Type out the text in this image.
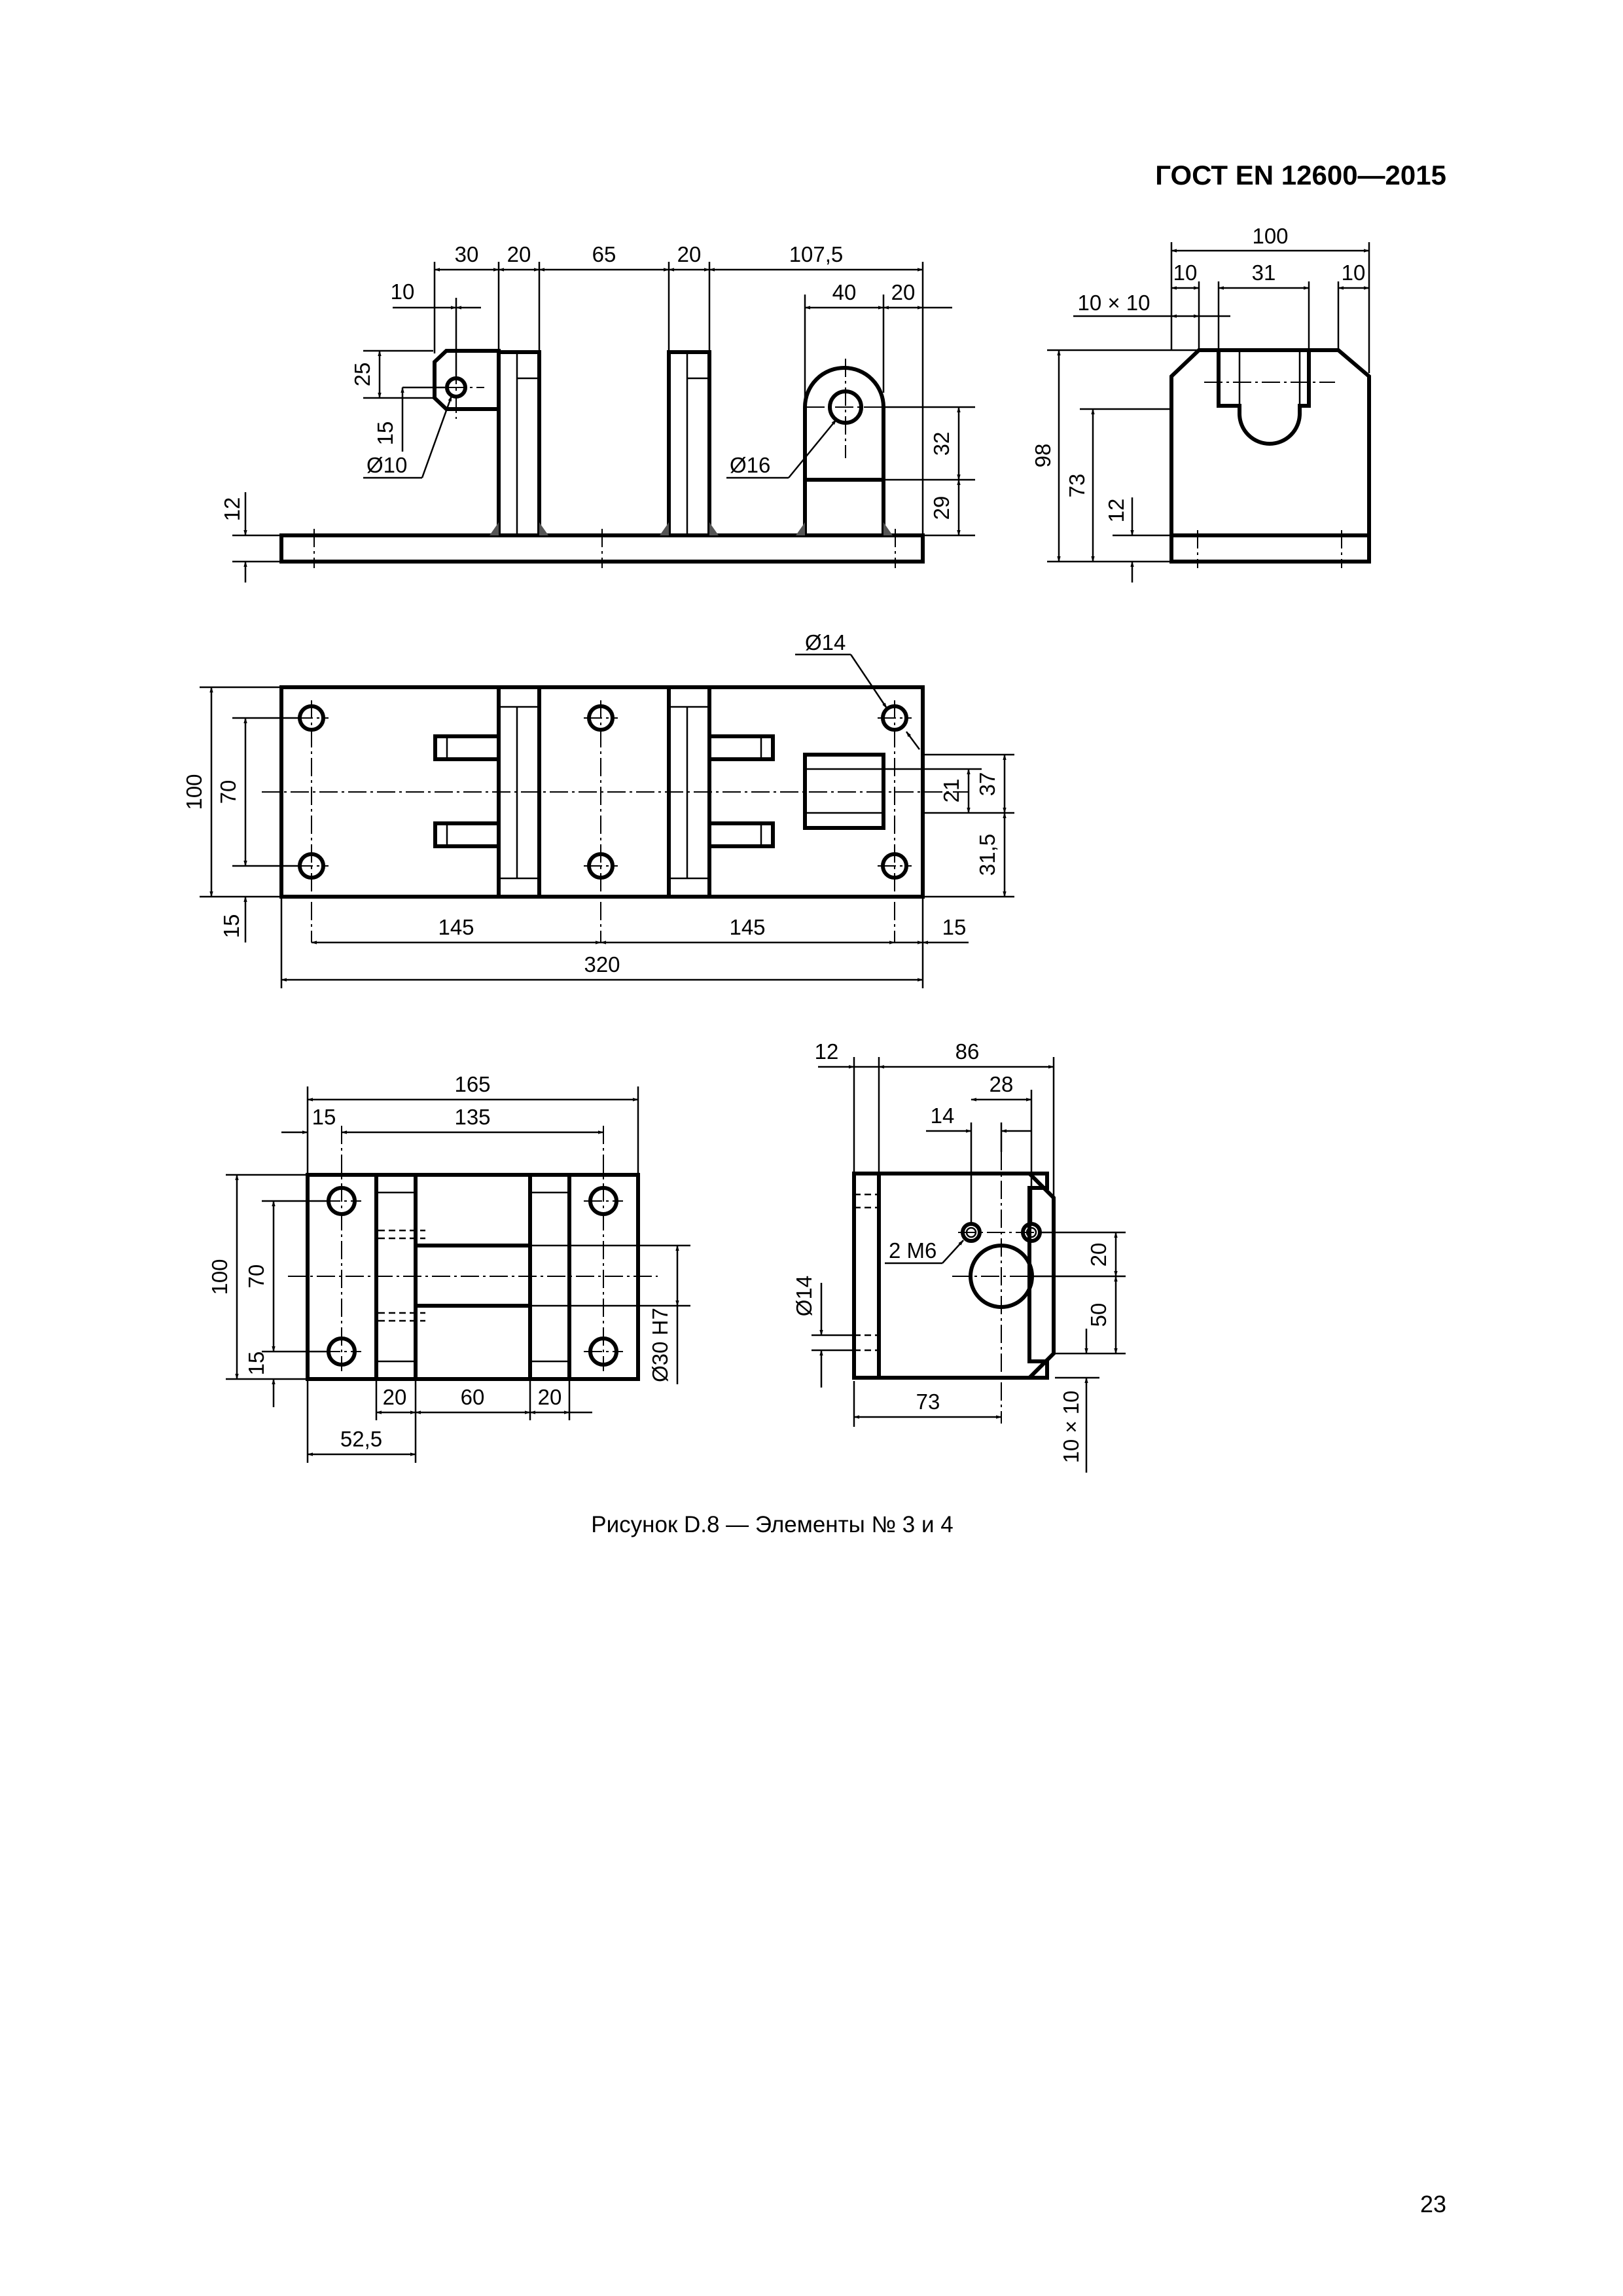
ГОСТ EN 12600—2015
30 20	65	20	107,5
40 20
10
25
15
Ø10	Ø16
32
29
12
100
10	31	10
10 × 10
98
73
12
Ø14
100 70
15
21 37
31,5
145	145	15
320
165
15	135
100 70
15	Ø30 H7
20 60 20
52,5
12	86
28
14
2 M6
Ø14
20
50
10 × 10
73
Рисунок D.8 — Элементы № 3 и 4
23
